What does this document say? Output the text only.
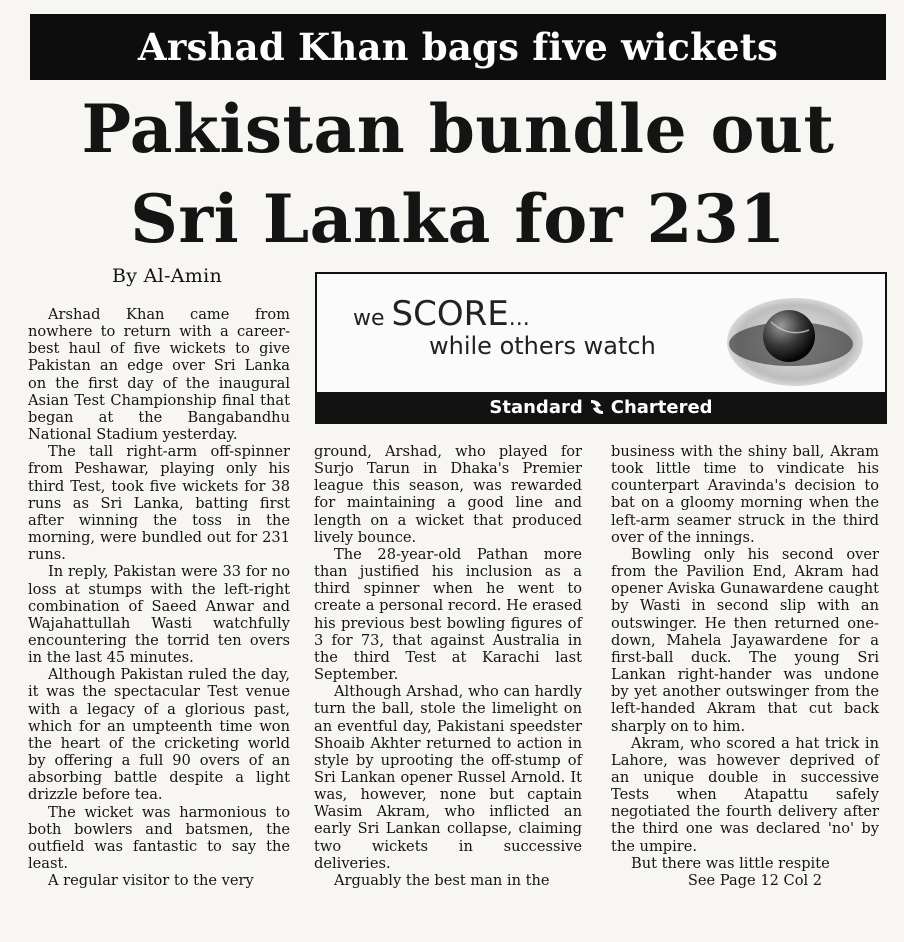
Arshad Khan bags five wickets
Pakistan bundle out
Sri Lanka for 231
By Al-Amin
we SCORE...
while others watch
Standard Chartered

Arshad Khan came from nowhere to return with a career-best haul of five wickets to give Pakistan an edge over Sri Lanka on the first day of the inaugural Asian Test Championship final that began at the Bangabandhu National Stadium yesterday.

The tall right-arm off-spinner from Peshawar, playing only his third Test, took five wickets for 38 runs as Sri Lanka, batting first after winning the toss in the morning, were bundled out for 231 runs.

In reply, Pakistan were 33 for no loss at stumps with the left-right combination of Saeed Anwar and Wajahattullah Wasti watchfully encountering the torrid ten overs in the last 45 minutes.

Although Pakistan ruled the day, it was the spectacular Test venue with a legacy of a glorious past, which for an umpteenth time won the heart of the cricketing world by offering a full 90 overs of an absorbing battle despite a light drizzle before tea.

The wicket was harmonious to both bowlers and batsmen, the outfield was fantastic to say the least.

A regular visitor to the very

ground, Arshad, who played for Surjo Tarun in Dhaka's Premier league this season, was rewarded for maintaining a good line and length on a wicket that produced lively bounce.

The 28-year-old Pathan more than justified his inclusion as a third spinner when he went to create a personal record. He erased his previous best bowling figures of 3 for 73, that against Australia in the third Test at Karachi last September.

Although Arshad, who can hardly turn the ball, stole the limelight on an eventful day, Pakistani speedster Shoaib Akhter returned to action in style by uprooting the off-stump of Sri Lankan opener Russel Arnold. It was, however, none but captain Wasim Akram, who inflicted an early Sri Lankan collapse, claiming two wickets in successive deliveries.

Arguably the best man in the

business with the shiny ball, Akram took little time to vindicate his counterpart Aravinda's decision to bat on a gloomy morning when the left-arm seamer struck in the third over of the innings.

Bowling only his second over from the Pavilion End, Akram had opener Aviska Gunawardene caught by Wasti in second slip with an outswinger. He then returned one-down, Mahela Jayawardene for a first-ball duck. The young Sri Lankan right-hander was undone by yet another outswinger from the left-handed Akram that cut back sharply on to him.

Akram, who scored a hat trick in Lahore, was however deprived of an unique double in successive Tests when Atapattu safely negotiated the fourth delivery after the third one was declared 'no' by the umpire.

But there was little respite

See Page 12 Col 2
